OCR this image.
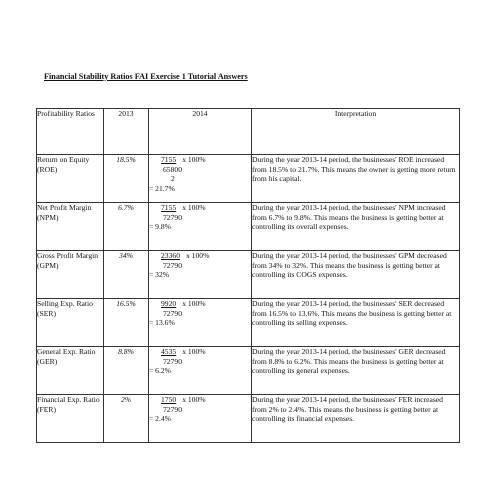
Financial Stability Ratios FAI Exercise 1 Tutorial Answers
Profitability Ratios	2013	2014	Interpretation
Return on Equity (ROE)	18.5%	7155 x 100%
65800
2
= 21.7%	During the year 2013-14 period, the businesses' ROE increased from 18.5% to 21.7%. This means the owner is getting more return from his capital.
Net Profit Margin (NPM)	6.7%	7155 x 100%
72790
= 9.8%	During the year 2013-14 period, the businesses' NPM increased from 6.7% to 9.8%. This means the business is getting better at controlling its overall expenses.
Gross Profit Margin (GPM)	34%	23360 x 100%
72790
= 32%	During the year 2013-14 period, the businesses' GPM decreased from 34% to 32%. This means the business is getting better at controlling its COGS expenses.
Selling Exp. Ratio (SER)	16.5%	9920 x 100%
72790
= 13.6%	During the year 2013-14 period, the businesses' SER decreased from 16.5% to 13.6%. This means the business is getting better at controlling its selling expenses.
General Exp. Ratio (GER)	8.8%	4535 x 100%
72790
= 6.2%	During the year 2013-14 period, the businesses' GER decreased from 8.8% to 6.2%. This means the business is getting better at controlling its general expenses.
Financial Exp. Ratio (FER)	2%	1750 x 100%
72790
= 2.4%	During the year 2013-14 period, the businesses' FER increased from 2% to 2.4%. This means the business is getting better at controlling its financial expenses.
